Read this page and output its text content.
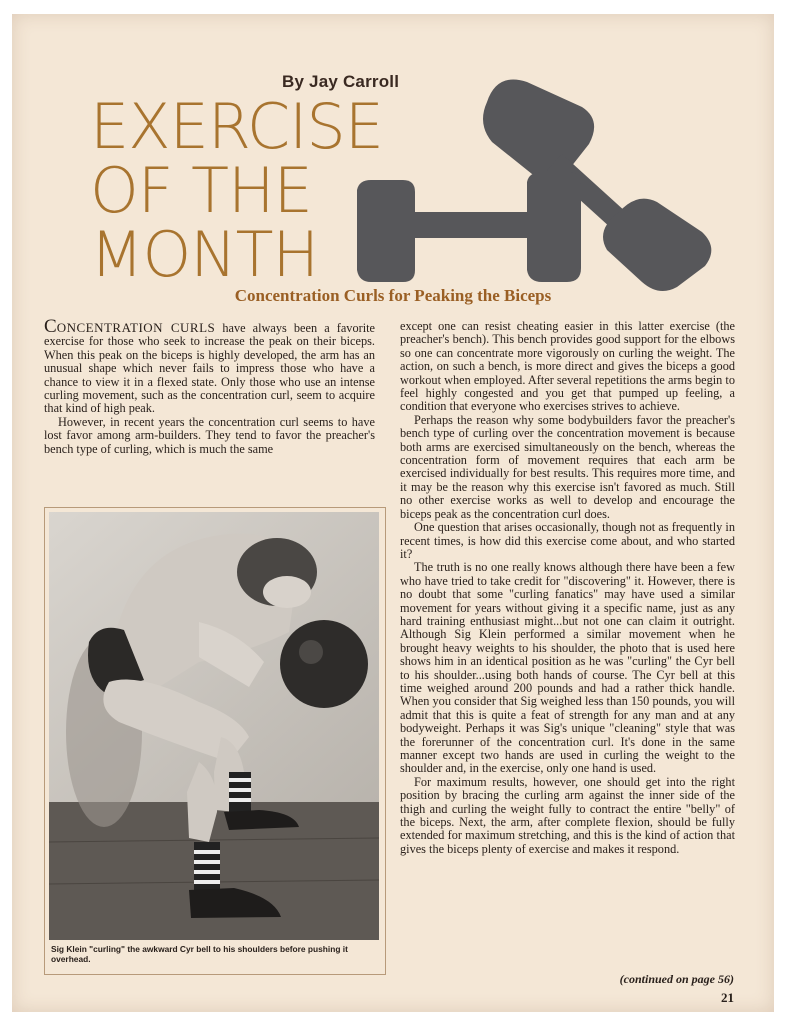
By Jay Carroll
EXERCISE
OF THE
MONTH
Concentration Curls for Peaking the Biceps

CONCENTRATION CURLS have always been a favorite exercise for those who seek to increase the peak on their biceps. When this peak on the biceps is highly developed, the arm has an unusual shape which never fails to impress those who have a chance to view it in a flexed state. Only those who use an intense curling movement, such as the concentration curl, seem to acquire that kind of high peak.

However, in recent years the concentration curl seems to have lost favor among arm-builders. They tend to favor the preacher's bench type of curling, which is much the same

Sig Klein "curling" the awkward Cyr bell to his shoulders before pushing it overhead.

except one can resist cheating easier in this latter exercise (the preacher's bench). This bench provides good support for the elbows so one can concentrate more vigorously on curling the weight. The action, on such a bench, is more direct and gives the biceps a good workout when employed. After several repetitions the arms begin to feel highly congested and you get that pumped up feeling, a condition that everyone who exercises strives to achieve.

Perhaps the reason why some bodybuilders favor the preacher's bench type of curling over the concentration movement is because both arms are exercised simultaneously on the bench, whereas the concentration form of movement requires that each arm be exercised individually for best results. This requires more time, and it may be the reason why this exercise isn't favored as much. Still no other exercise works as well to develop and encourage the biceps peak as the concentration curl does.

One question that arises occasionally, though not as frequently in recent times, is how did this exercise come about, and who started it?

The truth is no one really knows although there have been a few who have tried to take credit for "discovering" it. However, there is no doubt that some "curling fanatics" may have used a similar movement for years without giving it a specific name, just as any hard training enthusiast might...but not one can claim it outright. Although Sig Klein performed a similar movement when he brought heavy weights to his shoulder, the photo that is used here shows him in an identical position as he was "curling" the Cyr bell to his shoulder...using both hands of course. The Cyr bell at this time weighed around 200 pounds and had a rather thick handle. When you consider that Sig weighed less than 150 pounds, you will admit that this is quite a feat of strength for any man and at any bodyweight. Perhaps it was Sig's unique "cleaning" style that was the forerunner of the concentration curl. It's done in the same manner except two hands are used in curling the weight to the shoulder and, in the exercise, only one hand is used.

For maximum results, however, one should get into the right position by bracing the curling arm against the inner side of the thigh and curling the weight fully to contract the entire "belly" of the biceps. Next, the arm, after complete flexion, should be fully extended for maximum stretching, and this is the kind of action that gives the biceps plenty of exercise and makes it respond.

(continued on page 56)
21
